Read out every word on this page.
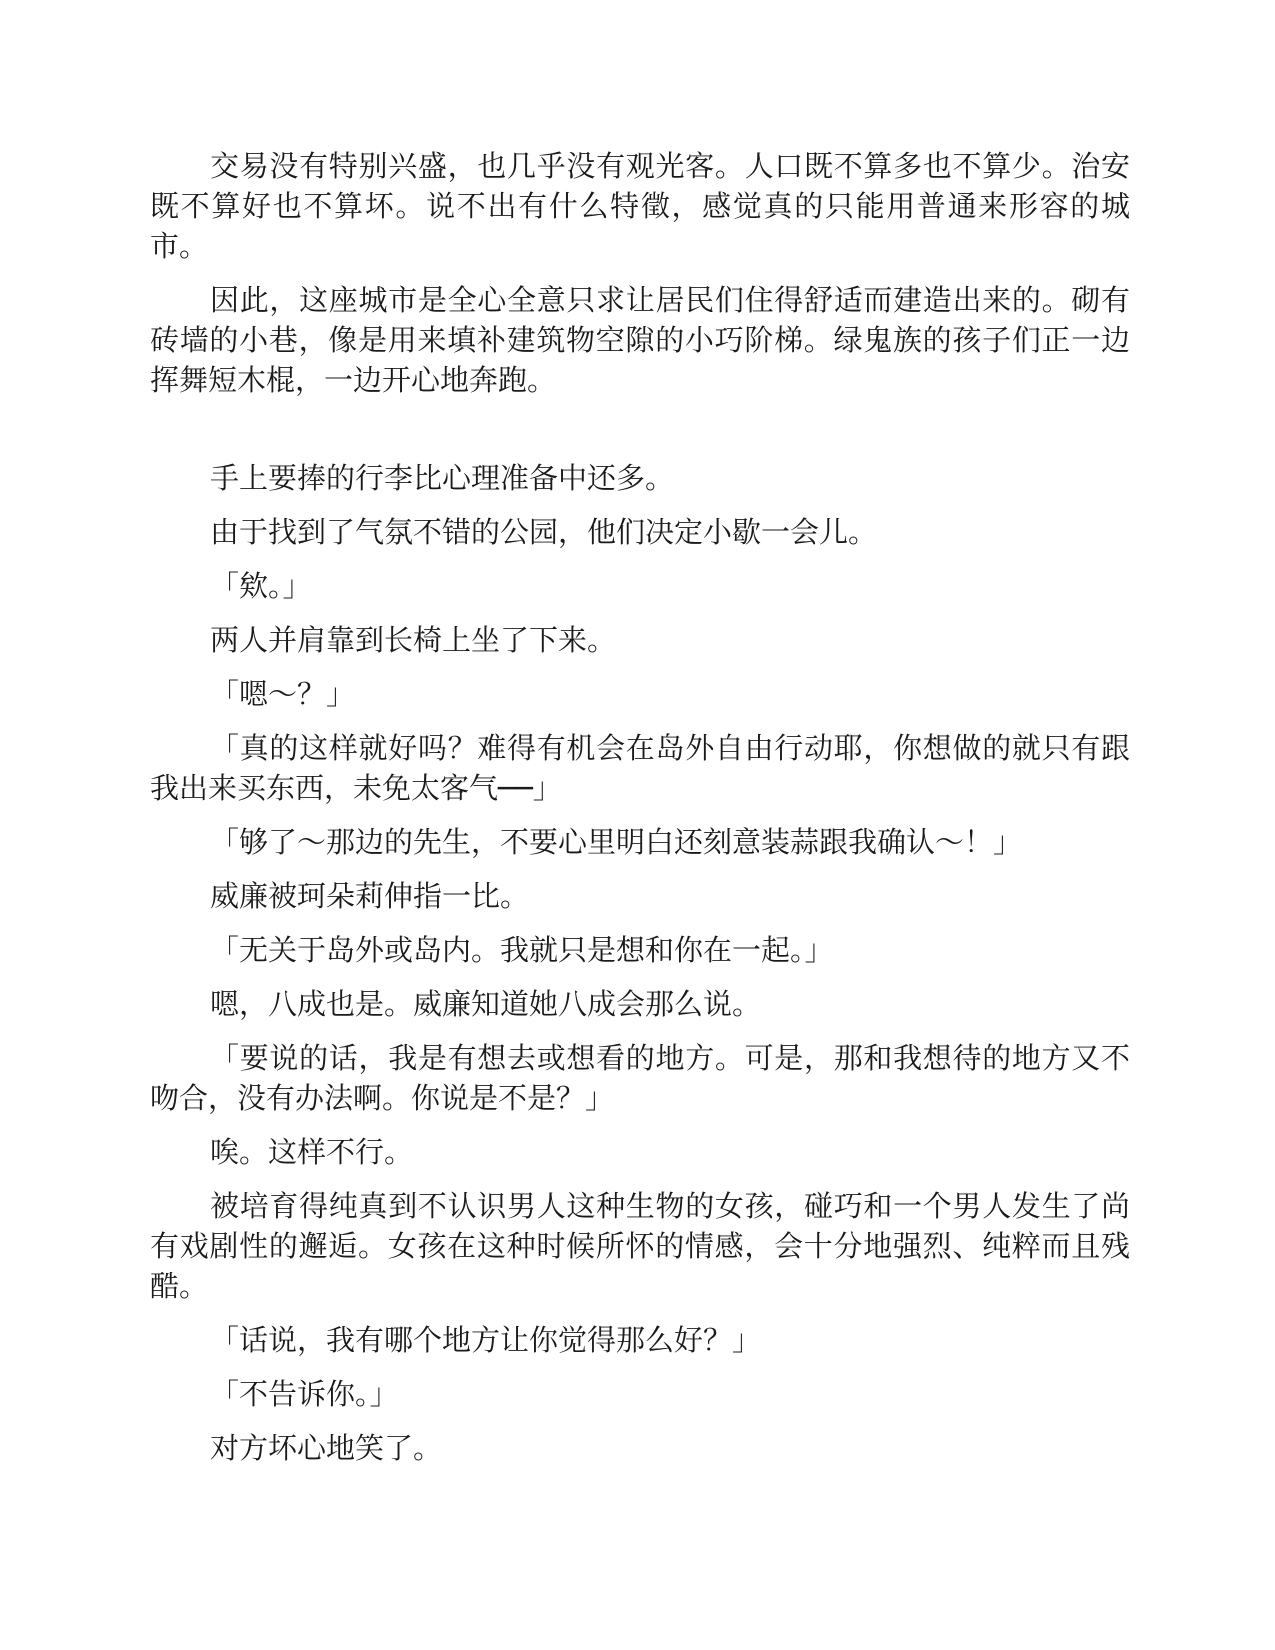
交易没有特别兴盛，也几乎没有观光客。人口既不算多也不算少。治安既不算好也不算坏。说不出有什么特徵，感觉真的只能用普通来形容的城市。

因此，这座城市是全心全意只求让居民们住得舒适而建造出来的。砌有砖墙的小巷，像是用来填补建筑物空隙的小巧阶梯。绿鬼族的孩子们正一边挥舞短木棍，一边开心地奔跑。

手上要捧的行李比心理准备中还多。

由于找到了气氛不错的公园，他们决定小歇一会儿。

「欸。」

两人并肩靠到长椅上坐了下来。

「嗯～？」

「真的这样就好吗？难得有机会在岛外自由行动耶，你想做的就只有跟我出来买东西，未免太客气──」

「够了～那边的先生，不要心里明白还刻意装蒜跟我确认～！」

威廉被珂朵莉伸指一比。

「无关于岛外或岛内。我就只是想和你在一起。」

嗯，八成也是。威廉知道她八成会那么说。

「要说的话，我是有想去或想看的地方。可是，那和我想待的地方又不吻合，没有办法啊。你说是不是？」

唉。这样不行。

被培育得纯真到不认识男人这种生物的女孩，碰巧和一个男人发生了尚有戏剧性的邂逅。女孩在这种时候所怀的情感，会十分地强烈、纯粹而且残酷。

「话说，我有哪个地方让你觉得那么好？」

「不告诉你。」

对方坏心地笑了。
